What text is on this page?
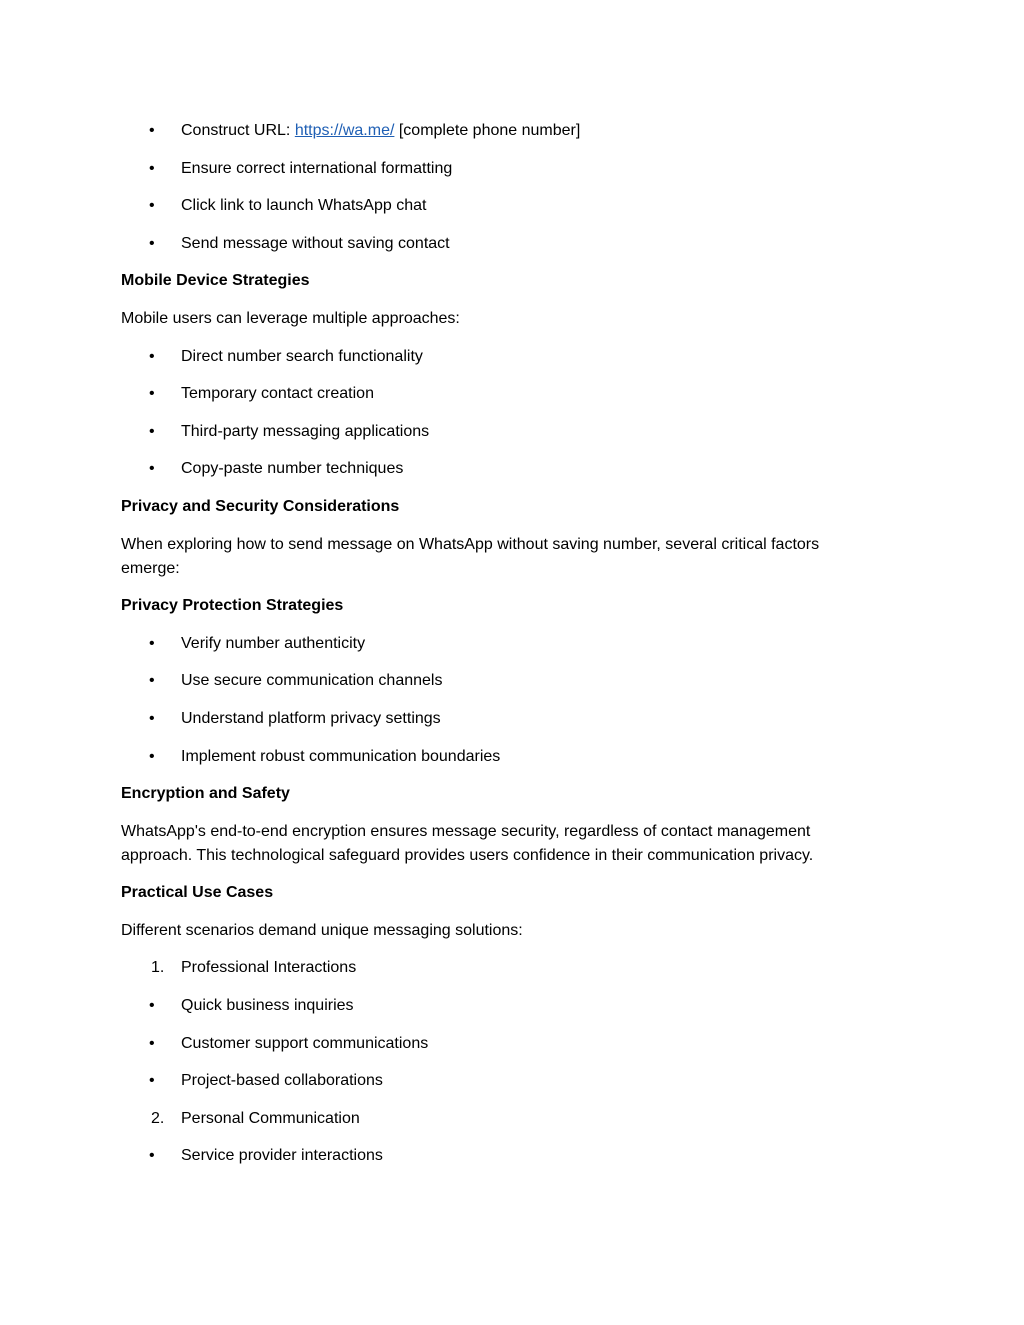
•	Construct URL: https://wa.me/ [complete phone number]
•	Ensure correct international formatting
•	Click link to launch WhatsApp chat
•	Send message without saving contact
Mobile Device Strategies
Mobile users can leverage multiple approaches:
•	Direct number search functionality
•	Temporary contact creation
•	Third-party messaging applications
•	Copy-paste number techniques
Privacy and Security Considerations
When exploring how to send message on WhatsApp without saving number, several critical factors emerge:
Privacy Protection Strategies
•	Verify number authenticity
•	Use secure communication channels
•	Understand platform privacy settings
•	Implement robust communication boundaries
Encryption and Safety
WhatsApp's end-to-end encryption ensures message security, regardless of contact management approach. This technological safeguard provides users confidence in their communication privacy.
Practical Use Cases
Different scenarios demand unique messaging solutions:
1.	Professional Interactions
•	Quick business inquiries
•	Customer support communications
•	Project-based collaborations
2.	Personal Communication
•	Service provider interactions
